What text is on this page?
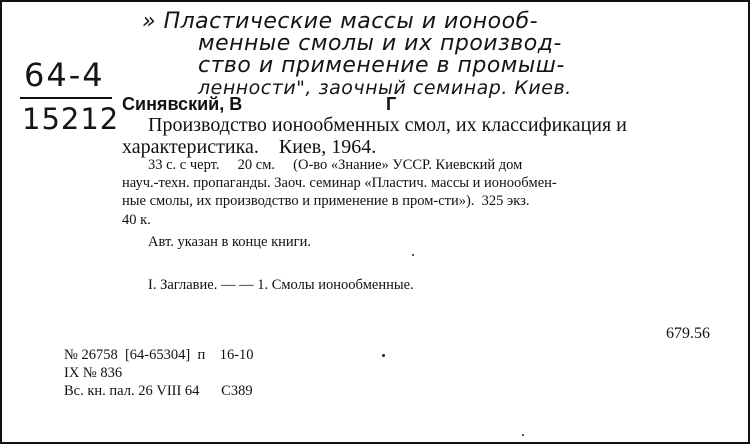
» Пластические массы и ионооб-
менные смолы и их производ-
ство и применение в промыш-
ленности", заочный семинар. Киев.
64-4
15212 Синявский, В	Г
Производство ионообменных смол, их классификация и
характеристика.    Киев, 1964.
33 с. с черт.     20 см.     (О-во «Знание» УССР. Киевский дом
науч.-техн. пропаганды. Заоч. семинар «Пластич. массы и ионообмен-
ные смолы, их производство и применение в пром-сти»).  325 экз.
40 к.
Авт. указан в конце книги.
I. Заглавие. — — 1. Смолы ионообменные.
679.56
№ 26758  [64-65304]  п    16-10
IX № 836
Вс. кн. пал. 26 VIII 64      С389
